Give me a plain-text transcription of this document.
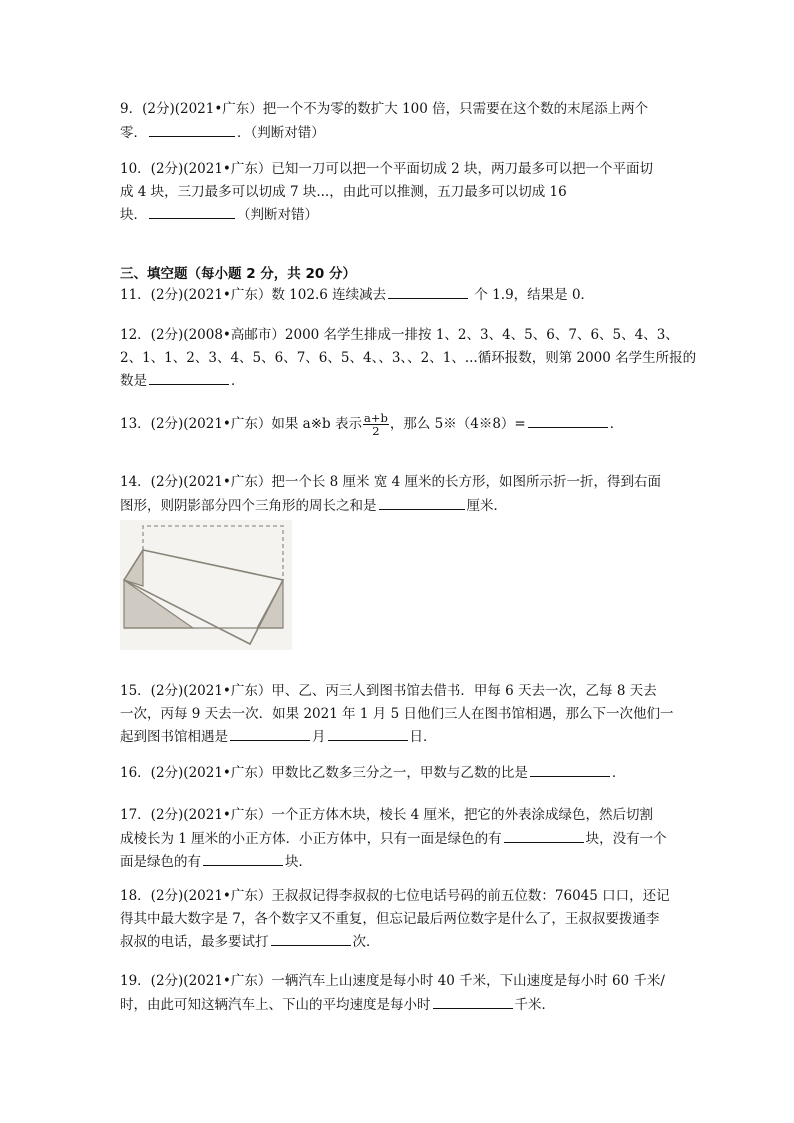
9．(2分)(2021•广东）把一个不为零的数扩大 100 倍，只需要在这个数的末尾添上两个
零．	．（判断对错）
10．(2分)(2021•广东）已知一刀可以把一个平面切成 2 块，两刀最多可以把一个平面切
成 4 块，三刀最多可以切成 7 块...，由此可以推测，五刀最多可以切成 16
块．	（判断对错）
三、填空题（每小题 2 分，共 20 分）
11．(2分)(2021•广东）数 102.6 连续减去	个 1.9，结果是 0．
12．(2分)(2008•高邮市）2000 名学生排成一排按 1、2、3、4、5、6、7、6、5、4、3、
2、1、1、2、3、4、5、6、7、6、5、4、、3、、2、1、...循环报数，则第 2000 名学生所报的
数是	．
13．(2分)(2021•广东）如果 a※b 表示 $\frac{a+b}{2}$ ，那么 5※（4※8）=	．
14．(2分)(2021•广东）把一个长 8 厘米 宽 4 厘米的长方形，如图所示折一折，得到右面
图形，则阴影部分四个三角形的周长之和是	厘米．
15．(2分)(2021•广东）甲、乙、丙三人到图书馆去借书．甲每 6 天去一次，乙每 8 天去
一次，丙每 9 天去一次．如果 2021 年 1 月 5 日他们三人在图书馆相遇，那么下一次他们一
起到图书馆相遇是	月	日．
16．(2分)(2021•广东）甲数比乙数多三分之一，甲数与乙数的比是	．
17．(2分)(2021•广东）一个正方体木块，棱长 4 厘米，把它的外表涂成绿色，然后切割
成棱长为 1 厘米的小正方体．小正方体中，只有一面是绿色的有	块，没有一个
面是绿色的有	块．
18．(2分)(2021•广东）王叔叔记得李叔叔的七位电话号码的前五位数：76045 口口，还记
得其中最大数字是 7，各个数字又不重复，但忘记最后两位数字是什么了，王叔叔要拨通李
叔叔的电话，最多要试打	次．
19．(2分)(2021•广东）一辆汽车上山速度是每小时 40 千米，下山速度是每小时 60 千米/
时，由此可知这辆汽车上、下山的平均速度是每小时	千米．
